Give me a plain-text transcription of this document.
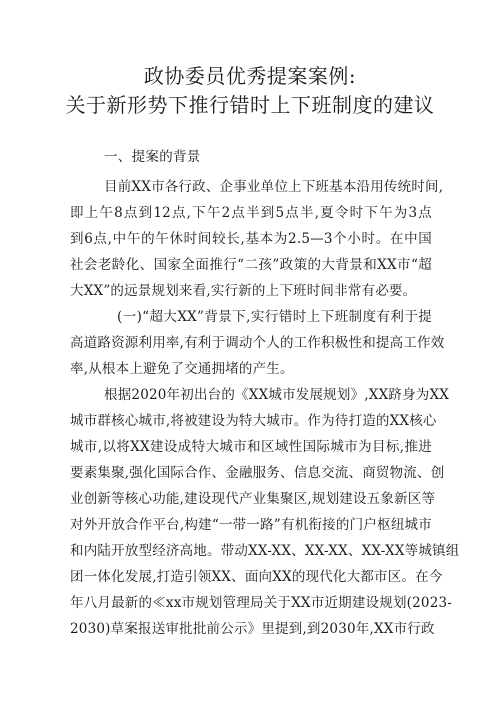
政协委员优秀提案案例:
关于新形势下推行错时上下班制度的建议
一、提案的背景
目前XX市各行政、企事业单位上下班基本沿用传统时间,
即上午8点到12点,下午2点半到5点半,夏令时下午为3点
到6点,中午的午休时间较长,基本为2.5—3个小时。在中国
社会老龄化、国家全面推行“二孩”政策的大背景和XX市“超
大XX”的远景规划来看,实行新的上下班时间非常有必要。
(一)“超大XX”背景下,实行错时上下班制度有利于提
高道路资源利用率,有利于调动个人的工作积极性和提高工作效
率,从根本上避免了交通拥堵的产生。
根据2020年初出台的《XX城市发展规划》,XX跻身为XX
城市群核心城市,将被建设为特大城市。作为待打造的XX核心
城市,以将XX建设成特大城市和区域性国际城市为目标,推进
要素集聚,强化国际合作、金融服务、信息交流、商贸物流、创
业创新等核心功能,建设现代产业集聚区,规划建设五象新区等
对外开放合作平台,构建“一带一路”有机衔接的门户枢纽城市
和内陆开放型经济高地。带动XX-XX、XX-XX、XX-XX等城镇组
团一体化发展,打造引领XX、面向XX的现代化大都市区。在今
年八月最新的≪xx市规划管理局关于XX市近期建设规划(2023-
2030)草案报送审批批前公示》里提到,到2030年,XX市行政
